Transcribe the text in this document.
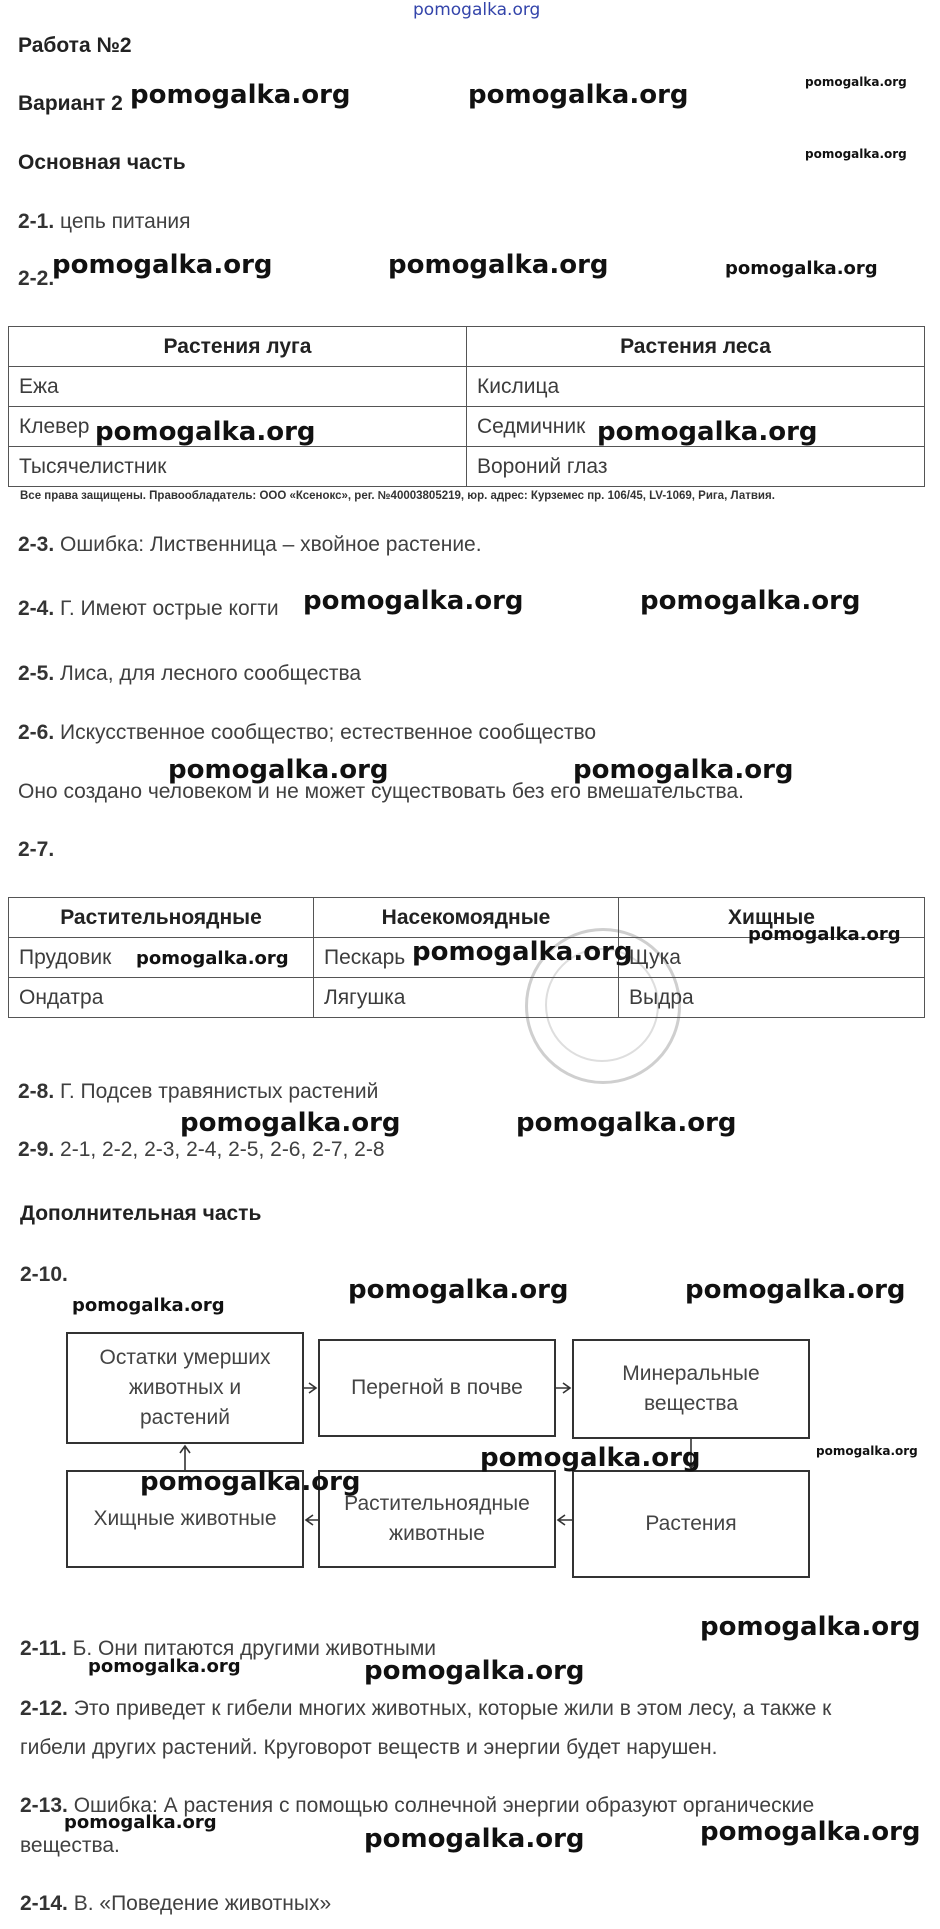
pomogalka.org
Работа №2
Вариант 2
Основная часть
2-1. цепь питания
2-2.
Растения луга	Растения леса
Ежа	Кислица
Клевер	Седмичник
Тысячелистник	Вороний глаз
Все права защищены. Правообладатель: ООО «Ксенокс», рег. №40003805219, юр. адрес: Курземес пр. 106/45, LV-1069, Рига, Латвия.
2-3. Ошибка: Лиственница – хвойное растение.
2-4. Г. Имеют острые когти
2-5. Лиса, для лесного сообщества
2-6. Искусственное сообщество; естественное сообщество
Оно создано человеком и не может существовать без его вмешательства.
2-7.
Растительноядные	Насекомоядные	Хищные
Прудовик	Пескарь	Щука
Ондатра	Лягушка	Выдра
2-8. Г. Подсев травянистых растений
2-9. 2-1, 2-2, 2-3, 2-4, 2-5, 2-6, 2-7, 2-8
Дополнительная часть
2-10.
Остатки умерших животных и растений
Перегной в почве
Минеральные вещества
Хищные животные
Растительноядные животные	Растения
2-11. Б. Они питаются другими животными
2-12. Это приведет к гибели многих животных, которые жили в этом лесу, а также к
гибели других растений. Круговорот веществ и энергии будет нарушен.
2-13. Ошибка: А растения с помощью солнечной энергии образуют органические
вещества.
2-14. В. «Поведение животных»
pomogalka.org	pomogalka.org	pomogalka.org
pomogalka.org
pomogalka.org	pomogalka.org	pomogalka.org
pomogalka.org	pomogalka.org
pomogalka.org	pomogalka.org
pomogalka.org	pomogalka.org
pomogalka.org
pomogalka.org	pomogalka.org
pomogalka.org	pomogalka.org
pomogalka.org
pomogalka.org	pomogalka.org
pomogalka.org
pomogalka.org
pomogalka.org
pomogalka.org
pomogalka.org	pomogalka.org
pomogalka.org	pomogalka.org
pomogalka.org
